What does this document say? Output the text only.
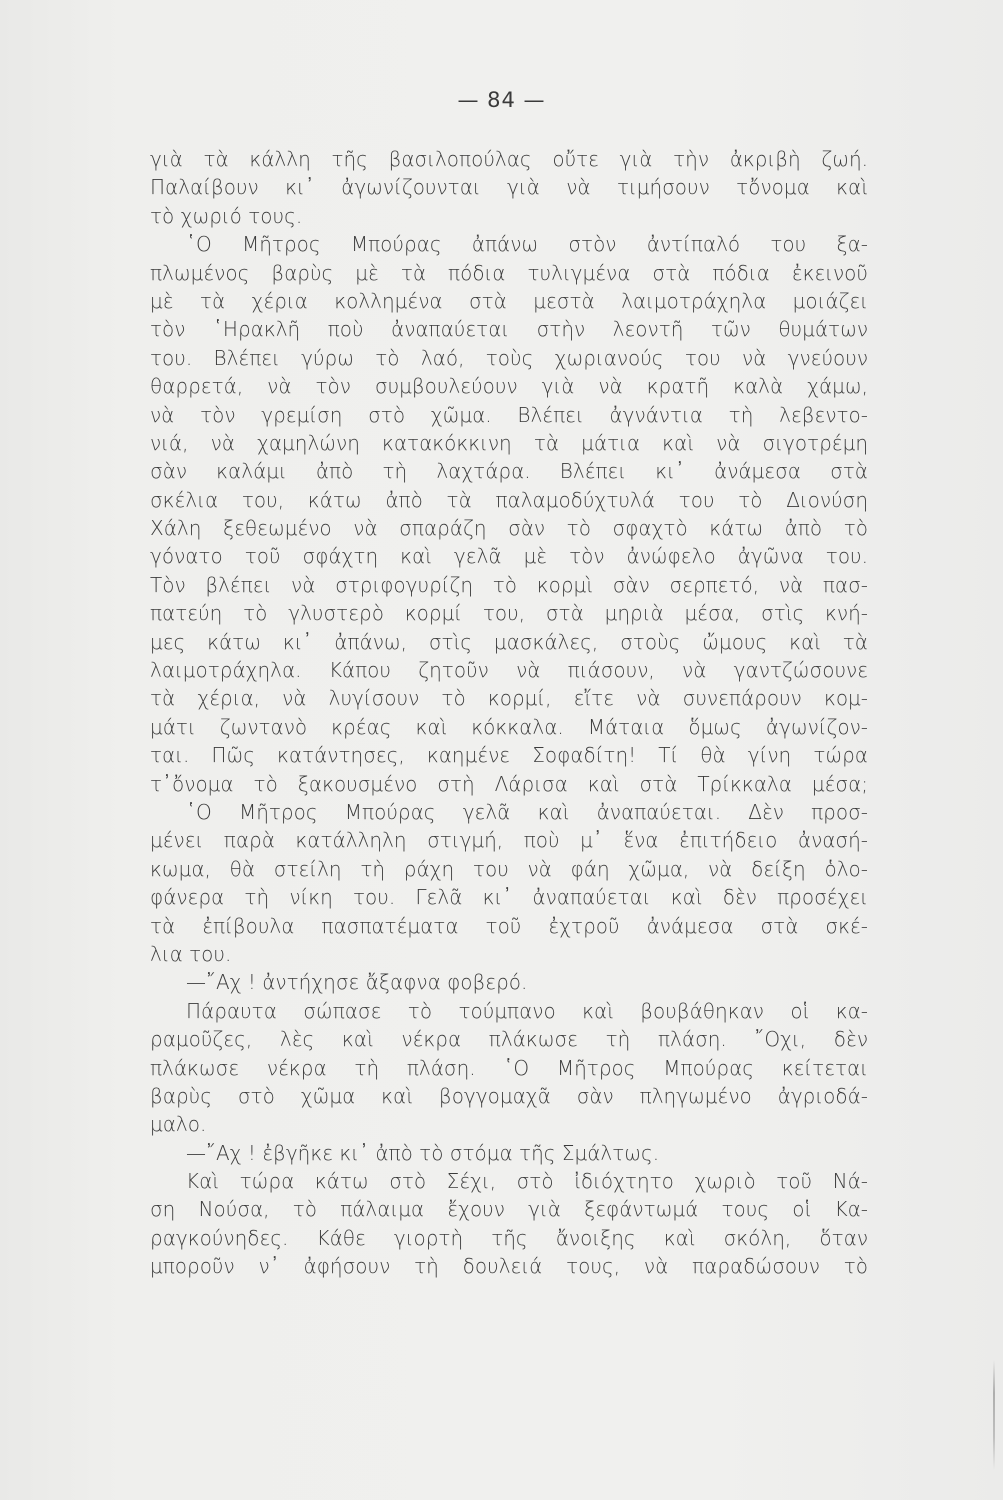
— 84 —
γιὰ τὰ κάλλη τῆς βασιλοπούλας οὔτε γιὰ τὴν ἀκριβὴ ζωή.
Παλαίβουν κι᾽ ἀγωνίζουνται γιὰ νὰ τιμήσουν τὄνομα καὶ
τὸ χωριό τους.
῾Ο Μῆτρος Μπούρας ἀπάνω στὸν ἀντίπαλό του ξα-
πλωμένος βαρὺς μὲ τὰ πόδια τυλιγμένα στὰ πόδια ἐκεινοῦ
μὲ τὰ χέρια κολλημένα στὰ μεστὰ λαιμοτράχηλα μοιάζει
τὸν ῾Ηρακλῆ ποὺ ἀναπαύεται στὴν λεοντῆ τῶν θυμάτων
του. Βλέπει γύρω τὸ λαό, τοὺς χωριανούς του νὰ γνεύουν
θαρρετά, νὰ τὸν συμβουλεύουν γιὰ νὰ κρατῆ καλὰ χάμω,
νὰ τὸν γρεμίση στὸ χῶμα. Βλέπει ἀγνάντια τὴ λεβεντο-
νιά, νὰ χαμηλώνη κατακόκκινη τὰ μάτια καὶ νὰ σιγοτρέμη
σὰν καλάμι ἀπὸ τὴ λαχτάρα. Βλέπει κι᾽ ἀνάμεσα στὰ
σκέλια του, κάτω ἀπὸ τὰ παλαμοδύχτυλά του τὸ Διονύση
Χάλη ξεθεωμένο νὰ σπαράζη σὰν τὸ σφαχτὸ κάτω ἀπὸ τὸ
γόνατο τοῦ σφάχτη καὶ γελᾶ μὲ τὸν ἀνώφελο ἀγῶνα του.
Τὸν βλέπει νὰ στριφογυρίζη τὸ κορμὶ σὰν σερπετό, νὰ πασ-
πατεύη τὸ γλυστερὸ κορμί του, στὰ μηριὰ μέσα, στὶς κνή-
μες κάτω κι᾽ ἀπάνω, στὶς μασκάλες, στοὺς ὤμους καὶ τὰ
λαιμοτράχηλα. Κάπου ζητοῦν νὰ πιάσουν, νὰ γαντζώσουνε
τὰ χέρια, νὰ λυγίσουν τὸ κορμί, εἴτε νὰ συνεπάρουν κομ-
μάτι ζωντανὸ κρέας καὶ κόκκαλα. Μάταια ὅμως ἀγωνίζον-
ται. Πῶς κατάντησες, καημένε Σοφαδίτη! Τί θὰ γίνη τώρα
τ᾽ὄνομα τὸ ξακουσμένο στὴ Λάρισα καὶ στὰ Τρίκκαλα μέσα;
῾Ο Μῆτρος Μπούρας γελᾶ καὶ ἀναπαύεται. Δὲν προσ-
μένει παρὰ κατάλληλη στιγμή, ποὺ μ᾽ ἕνα ἐπιτήδειο ἀνασή-
κωμα, θὰ στείλη τὴ ράχη του νὰ φάη χῶμα, νὰ δείξη ὁλο-
φάνερα τὴ νίκη του. Γελᾶ κι᾽ ἀναπαύεται καὶ δὲν προσέχει
τὰ ἐπίβουλα πασπατέματα τοῦ ἐχτροῦ ἀνάμεσα στὰ σκέ-
λια του.
—῎Αχ ! ἀντήχησε ἄξαφνα φοβερό.
Πάραυτα σώπασε τὸ τούμπανο καὶ βουβάθηκαν οἱ κα-
ραμοῦζες, λὲς καὶ νέκρα πλάκωσε τὴ πλάση. ῎Οχι, δὲν
πλάκωσε νέκρα τὴ πλάση. ῾Ο Μῆτρος Μπούρας κείτεται
βαρὺς στὸ χῶμα καὶ βογγομαχᾶ σὰν πληγωμένο ἀγριοδά-
μαλο.
—῎Αχ ! ἐβγῆκε κι᾽ ἀπὸ τὸ στόμα τῆς Σμάλτως.
Καὶ τώρα κάτω στὸ Σέχι, στὸ ἰδιόχτητο χωριὸ τοῦ Νά-
ση Νούσα, τὸ πάλαιμα ἔχουν γιὰ ξεφάντωμά τους οἱ Κα-
ραγκούνηδες. Κάθε γιορτὴ τῆς ἄνοιξης καὶ σκόλη, ὅταν
μποροῦν ν᾽ ἀφήσουν τὴ δουλειά τους, νὰ παραδώσουν τὸ
